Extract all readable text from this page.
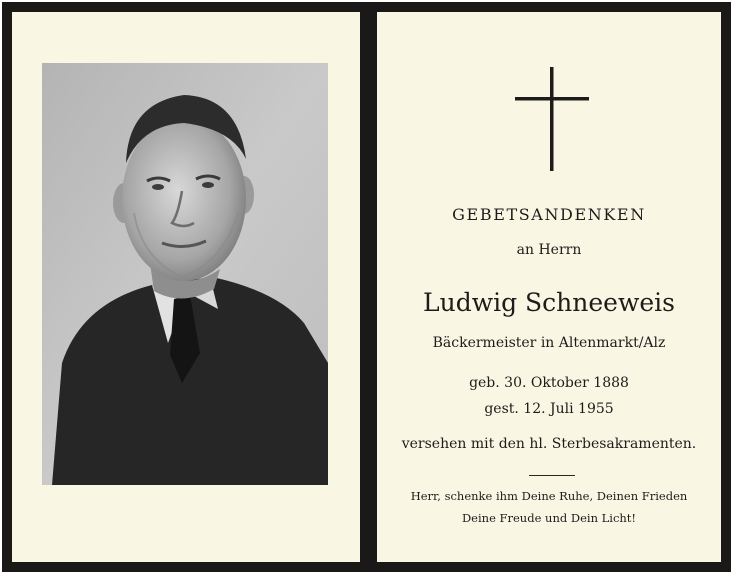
GEBETSANDENKEN
an Herrn
Ludwig Schneeweis
Bäckermeister in Altenmarkt/Alz
geb. 30. Oktober 1888
gest. 12. Juli 1955
versehen mit den hl. Sterbesakramenten.
Herr, schenke ihm Deine Ruhe, Deinen Frieden
Deine Freude und Dein Licht!
